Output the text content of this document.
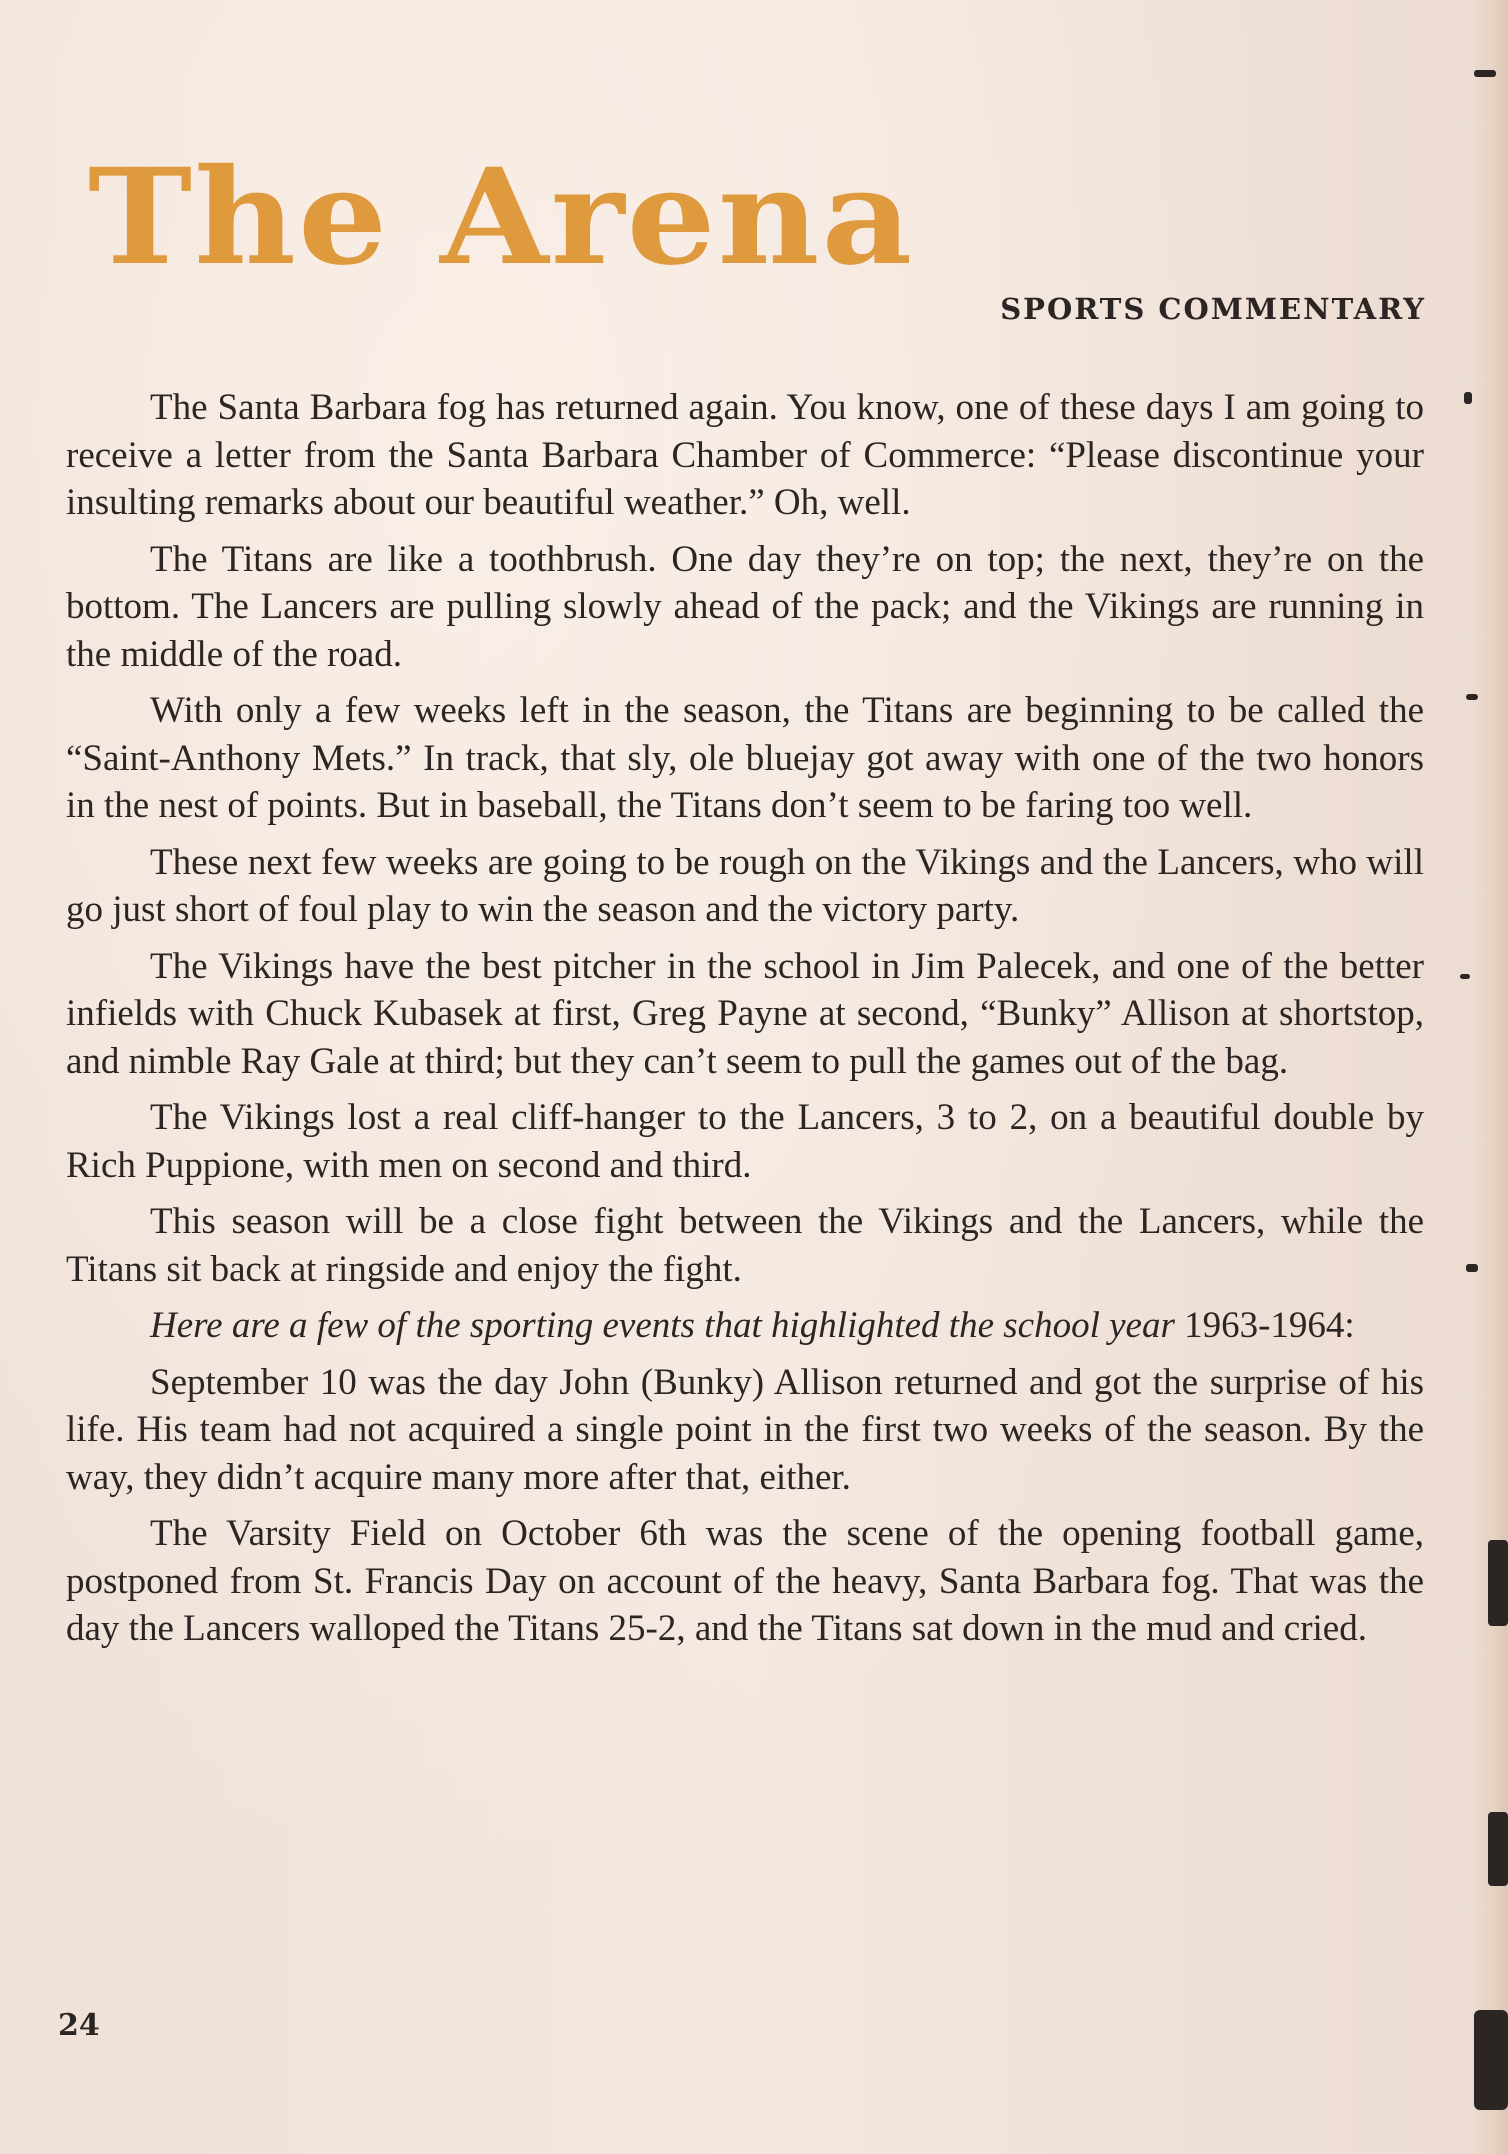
The Arena
SPORTS COMMENTARY

The Santa Barbara fog has returned again. You know, one of these days I am going to receive a letter from the Santa Barbara Chamber of Commerce: “Please discontinue your insulting remarks about our beautiful weather.” Oh, well.

The Titans are like a toothbrush. One day they’re on top; the next, they’re on the bottom. The Lancers are pulling slowly ahead of the pack; and the Vikings are running in the middle of the road.

With only a few weeks left in the season, the Titans are beginning to be called the “Saint-Anthony Mets.” In track, that sly, ole bluejay got away with one of the two honors in the nest of points. But in baseball, the Titans don’t seem to be faring too well.

These next few weeks are going to be rough on the Vikings and the Lancers, who will go just short of foul play to win the season and the victory party.

The Vikings have the best pitcher in the school in Jim Palecek, and one of the better infields with Chuck Kubasek at first, Greg Payne at second, “Bunky” Allison at shortstop, and nimble Ray Gale at third; but they can’t seem to pull the games out of the bag.

The Vikings lost a real cliff-hanger to the Lancers, 3 to 2, on a beautiful double by Rich Puppione, with men on second and third.

This season will be a close fight between the Vikings and the Lancers, while the Titans sit back at ringside and enjoy the fight.

Here are a few of the sporting events that highlighted the school year 1963-1964:

September 10 was the day John (Bunky) Allison returned and got the surprise of his life. His team had not acquired a single point in the first two weeks of the season. By the way, they didn’t acquire many more after that, either.

The Varsity Field on October 6th was the scene of the opening football game, postponed from St. Francis Day on account of the heavy, Santa Barbara fog. That was the day the Lancers walloped the Titans 25-2, and the Titans sat down in the mud and cried.

24
